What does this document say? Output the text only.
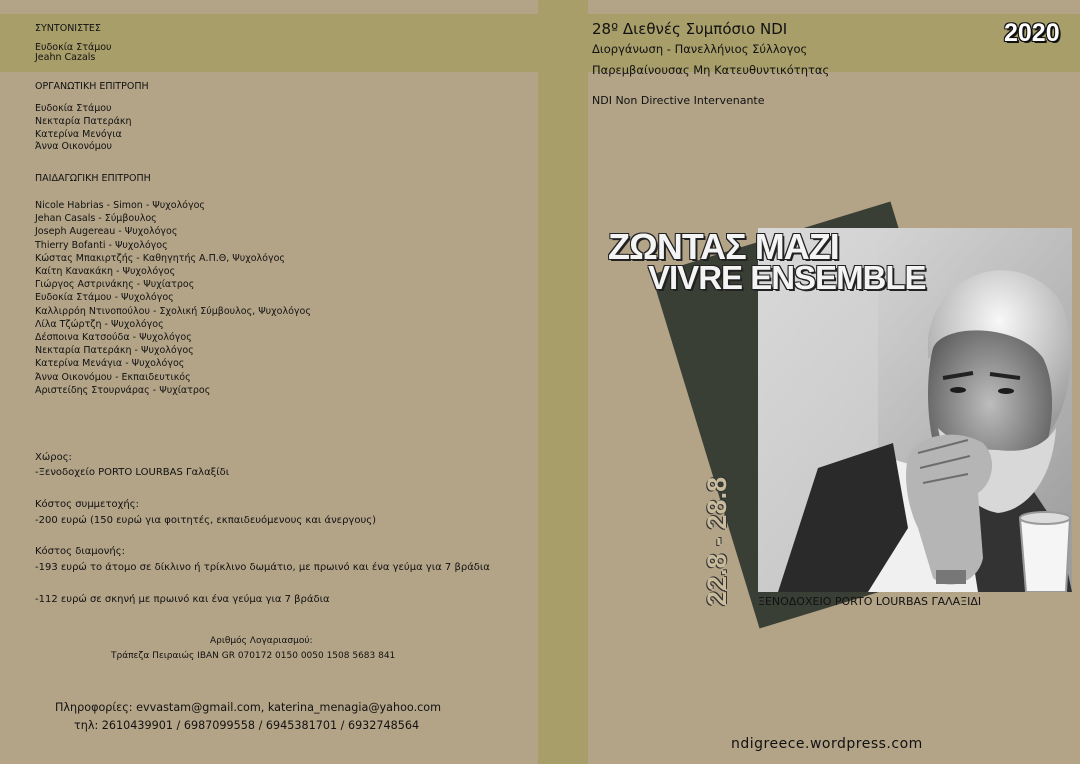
ΣΥΝΤΟΝΙΣΤΕΣ
Ευδοκία Στάμου
Jeahn Cazals
ΟΡΓΑΝΩΤΙΚΗ ΕΠΙΤΡΟΠΗ
Ευδοκία Στάμου
Νεκταρία Πατεράκη
Κατερίνα Μενόγια
Άννα Οικονόμου
ΠΑΙΔΑΓΩΓΙΚΗ ΕΠΙΤΡΟΠΗ
Nicole Habrias - Simon - Ψυχολόγος
Jehan Casals - Σύμβουλος
Joseph Augereau - Ψυχολόγος
Thierry Bofanti - Ψυχολόγος
Κώστας Μπακιρτζής - Καθηγητής Α.Π.Θ, Ψυχολόγος
Καίτη Κανακάκη - Ψυχολόγος
Γιώργος Αστρινάκης - Ψυχίατρος
Ευδοκία Στάμου - Ψυχολόγος
Καλλιρρόη Ντινοπούλου - Σχολική Σύμβουλος, Ψυχολόγος
Λίλα Τζώρτζη - Ψυχολόγος
Δέσποινα Κατσούδα - Ψυχολόγος
Νεκταρία Πατεράκη - Ψυχολόγος
Κατερίνα Μενάγια - Ψυχολόγος
Άννα Οικονόμου - Εκπαιδευτικός
Αριστείδης Στουρνάρας - Ψυχίατρος
Χώρος:
-Ξενοδοχείο PORTO LOURBAS Γαλαξίδι
Κόστος συμμετοχής:
-200 ευρώ (150 ευρώ για φοιτητές, εκπαιδευόμενους και άνεργους)
Κόστος διαμονής:
-193 ευρώ το άτομο σε δίκλινο ή τρίκλινο δωμάτιο, με πρωινό και ένα γεύμα για 7 βράδια
-112 ευρώ σε σκηνή με πρωινό και ένα γεύμα για 7 βράδια
Αριθμός Λογαριασμού:
Τράπεζα Πειραιώς IBAN GR 070172 0150 0050 1508 5683 841
Πληροφορίες: evvastam@gmail.com, katerina_menagia@yahoo.com
τηλ: 2610439901 / 6987099558 / 6945381701 / 6932748564
28º Διεθνές Συμπόσιο NDI
Διοργάνωση - Πανελλήνιος Σύλλογος
Παρεμβαίνουσας Μη Κατευθυντικότητας
NDI Non Directive Intervenante
2020
ΖΩΝΤΑΣ ΜΑΖΙ
VIVRE ENSEMBLE
22.8 - 28.8 ΞΕΝΟΔΟΧΕΙΟ PORTO LOURBAS ΓΑΛΑΞΙΔΙ
ndigreece.wordpress.com
